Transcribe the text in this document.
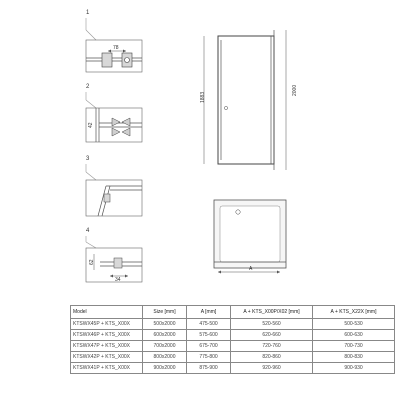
1
78
2
42
3
4
62
34
1883
2000
A
Model	Size [mm]	A [mm]	A + KTS_X00P/X02 [mm]	A + KTS_X22X [mm]
KTSWX45P + KTS_X00X	500x2000	475-500	520-560	500-530
KTSWX46P + KTS_X00X	600x2000	575-600	620-660	600-630
KTSWX47P + KTS_X00X	700x2000	675-700	720-760	700-730
KTSWX42P + KTS_X00X	800x2000	775-800	820-860	800-830
KTSWX41P + KTS_X00X	900x2000	875-900	920-960	900-930
